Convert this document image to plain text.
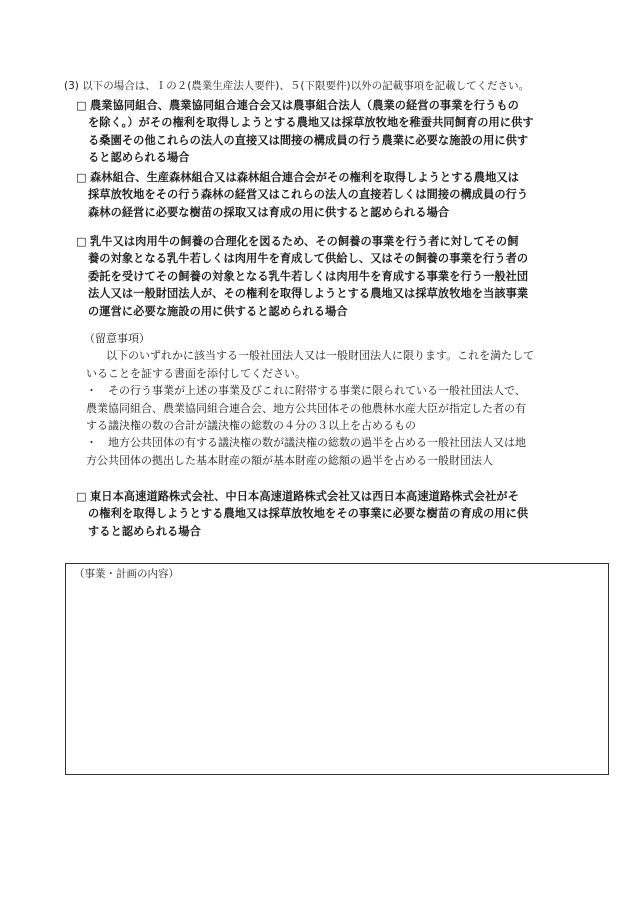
(3) 以下の場合は、Ｉの２(農業生産法人要件)、５(下限要件)以外の記載事項を記載してください。
□ 農業協同組合、農業協同組合連合会又は農事組合法人（農業の経営の事業を行うもの
を除く。）がその権利を取得しようとする農地又は採草放牧地を稚蚕共同飼育の用に供す
る桑園その他これらの法人の直接又は間接の構成員の行う農業に必要な施設の用に供す
ると認められる場合
□ 森林組合、生産森林組合又は森林組合連合会がその権利を取得しようとする農地又は
採草放牧地をその行う森林の経営又はこれらの法人の直接若しくは間接の構成員の行う
森林の経営に必要な樹苗の採取又は育成の用に供すると認められる場合
□ 乳牛又は肉用牛の飼養の合理化を図るため、その飼養の事業を行う者に対してその飼
養の対象となる乳牛若しくは肉用牛を育成して供給し、又はその飼養の事業を行う者の
委託を受けてその飼養の対象となる乳牛若しくは肉用牛を育成する事業を行う一般社団
法人又は一般財団法人が、その権利を取得しようとする農地又は採草放牧地を当該事業
の運営に必要な施設の用に供すると認められる場合
（留意事項）
以下のいずれかに該当する一般社団法人又は一般財団法人に限ります。これを満たして
いることを証する書面を添付してください。
・ その行う事業が上述の事業及びこれに附帯する事業に限られている一般社団法人で、
農業協同組合、農業協同組合連合会、地方公共団体その他農林水産大臣が指定した者の有
する議決権の数の合計が議決権の総数の４分の３以上を占めるもの
・ 地方公共団体の有する議決権の数が議決権の総数の過半を占める一般社団法人又は地
方公共団体の拠出した基本財産の額が基本財産の総額の過半を占める一般財団法人
□ 東日本高速道路株式会社、中日本高速道路株式会社又は西日本高速道路株式会社がそ
の権利を取得しようとする農地又は採草放牧地をその事業に必要な樹苗の育成の用に供
すると認められる場合
（事業・計画の内容）
